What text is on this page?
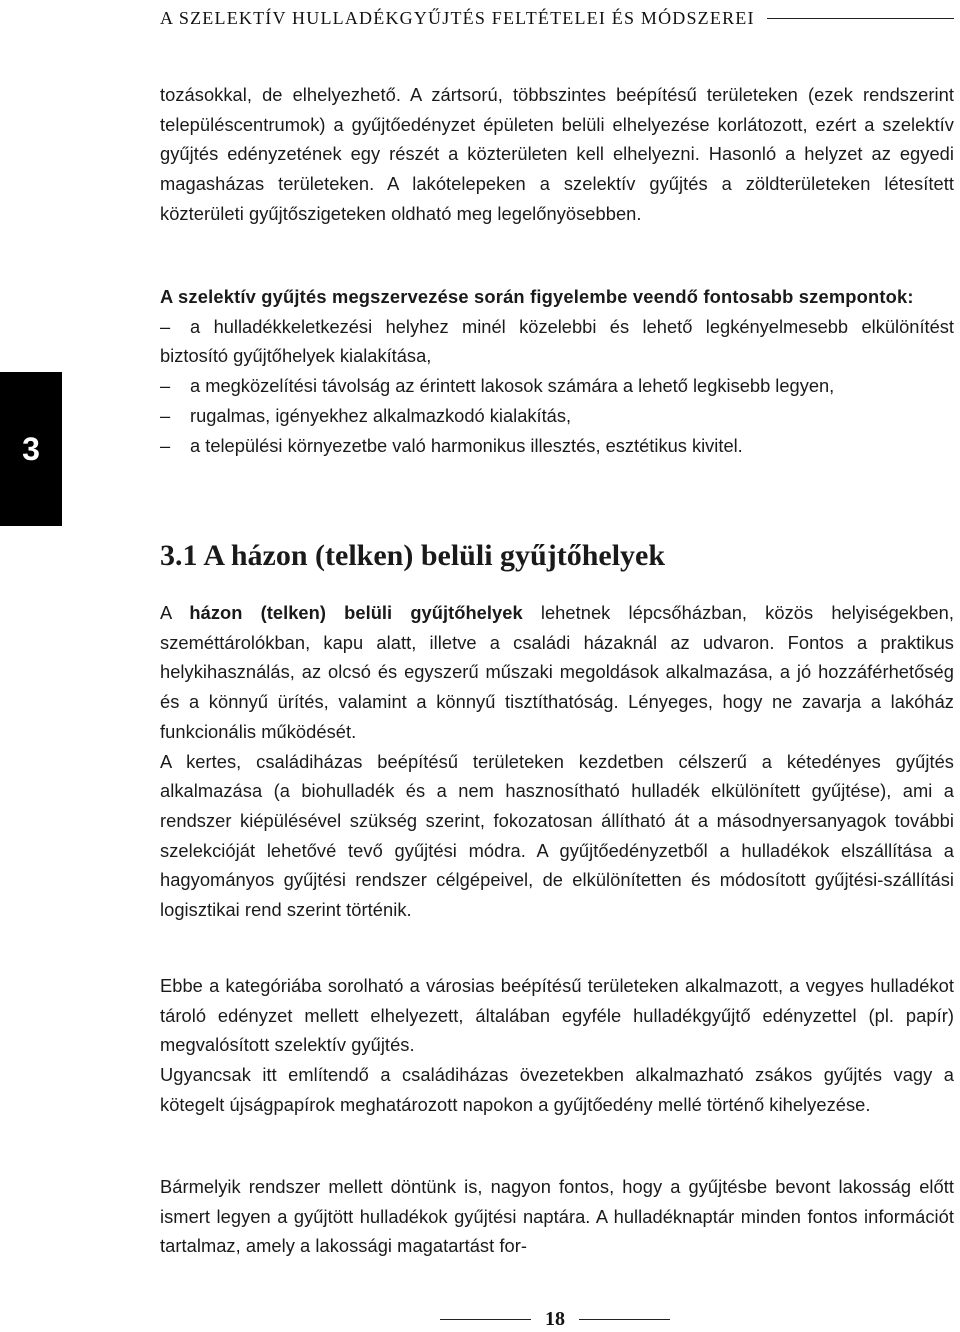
A SZELEKTÍV HULLADÉKGYŰJTÉS FELTÉTELEI ÉS MÓDSZEREI
3

tozásokkal, de elhelyezhető. A zártsorú, többszintes beépítésű területeken (ezek rendszerint településcentrumok) a gyűjtőedényzet épületen belüli elhelyezése korlátozott, ezért a szelektív gyűjtés edényzetének egy részét a közterületen kell elhelyezni. Hasonló a helyzet az egyedi magasházas területeken. A lakótelepeken a szelektív gyűjtés a zöldterületeken létesített közterületi gyűjtőszigeteken oldható meg legelőnyösebben.

A szelektív gyűjtés megszervezése során figyelembe veendő fontosabb szempontok:

– a hulladékkeletkezési helyhez minél közelebbi és lehető legkényelmesebb elkülönítést biztosító gyűjtőhelyek kialakítása,

– a megközelítési távolság az érintett lakosok számára a lehető legkisebb legyen,

– rugalmas, igényekhez alkalmazkodó kialakítás,

– a települési környezetbe való harmonikus illesztés, esztétikus kivitel.

3.1 A házon (telken) belüli gyűjtőhelyek

A házon (telken) belüli gyűjtőhelyek lehetnek lépcsőházban, közös helyiségekben, szeméttárolókban, kapu alatt, illetve a családi házaknál az udvaron. Fontos a praktikus helykihasználás, az olcsó és egyszerű műszaki megoldások alkalmazása, a jó hozzáférhetőség és a könnyű ürítés, valamint a könnyű tisztíthatóság. Lényeges, hogy ne zavarja a lakóház funkcionális működését.

A kertes, családiházas beépítésű területeken kezdetben célszerű a kétedényes gyűjtés alkalmazása (a biohulladék és a nem hasznosítható hulladék elkülönített gyűjtése), ami a rendszer kiépülésével szükség szerint, fokozatosan állítható át a másodnyersanyagok további szelekcióját lehetővé tevő gyűjtési módra. A gyűjtőedényzetből a hulladékok elszállítása a hagyományos gyűjtési rendszer célgépeivel, de elkülönítetten és módosított gyűjtési-szállítási logisztikai rend szerint történik.

Ebbe a kategóriába sorolható a városias beépítésű területeken alkalmazott, a vegyes hulladékot tároló edényzet mellett elhelyezett, általában egyféle hulladékgyűjtő edényzettel (pl. papír) megvalósított szelektív gyűjtés.

Ugyancsak itt említendő a családiházas övezetekben alkalmazható zsákos gyűjtés vagy a kötegelt újságpapírok meghatározott napokon a gyűjtőedény mellé történő kihelyezése.

Bármelyik rendszer mellett döntünk is, nagyon fontos, hogy a gyűjtésbe bevont lakosság előtt ismert legyen a gyűjtött hulladékok gyűjtési naptára. A hulladéknaptár minden fontos információt tartalmaz, amely a lakossági magatartást for-

18
